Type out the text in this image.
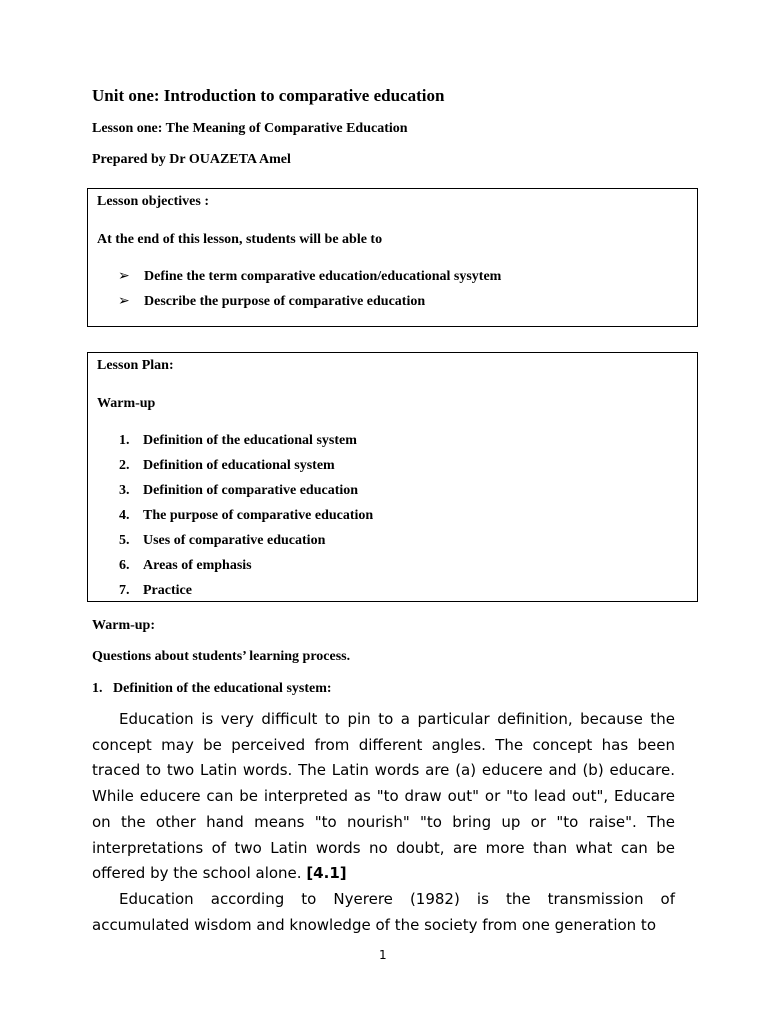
Unit one: Introduction to comparative education
Lesson one: The Meaning of Comparative Education
Prepared by Dr OUAZETA Amel
Lesson objectives :
At the end of this lesson, students will be able to
➢ Define the term comparative education/educational sysytem
➢ Describe the purpose of comparative education
Lesson Plan:
Warm-up
1. Definition of the educational system
2. Definition of educational system
3. Definition of comparative education
4. The purpose of comparative education
5. Uses of comparative education
6. Areas of emphasis
7. Practice
Warm-up:
Questions about students’ learning process.
1.   Definition of the educational system:

Education is very difficult to pin to a particular definition, because the concept may be perceived from different angles. The concept has been traced to two Latin words. The Latin words are (a) educere and (b) educare. While educere can be interpreted as "to draw out" or "to lead out", Educare on the other hand means "to nourish" "to bring up or "to raise". The interpretations of two Latin words no doubt, are more than what can be offered by the school alone. [4.1]

Education according to Nyerere (1982) is the transmission of accumulated wisdom and knowledge of the society from one generation to

1
